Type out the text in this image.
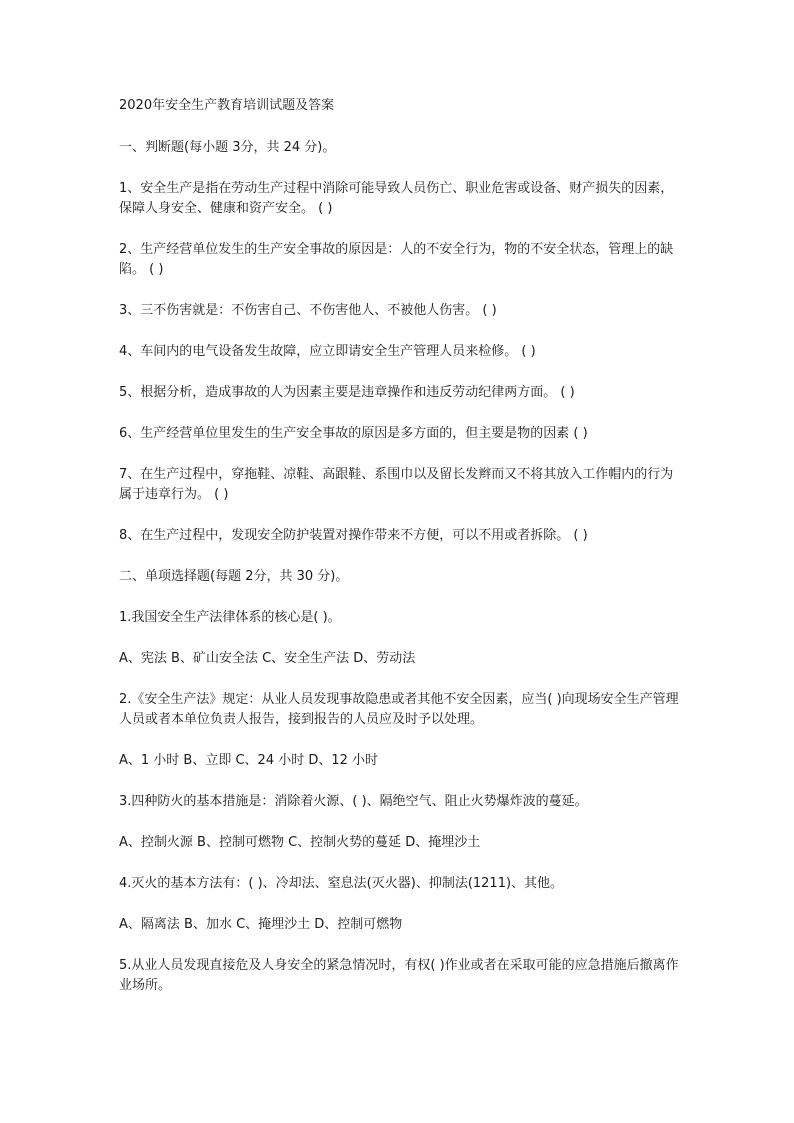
2020年安全生产教育培训试题及答案

一、判断题(每小题 3分，共 24 分)。

1、安全生产是指在劳动生产过程中消除可能导致人员伤亡、职业危害或设备、财产损失的因素，保障人身安全、健康和资产安全。 ( )

2、生产经营单位发生的生产安全事故的原因是：人的不安全行为，物的不安全状态，管理上的缺陷。 ( )

3、三不伤害就是：不伤害自己、不伤害他人、不被他人伤害。 ( )

4、车间内的电气设备发生故障，应立即请安全生产管理人员来检修。 ( )

5、根据分析，造成事故的人为因素主要是违章操作和违反劳动纪律两方面。 ( )

6、生产经营单位里发生的生产安全事故的原因是多方面的，但主要是物的因素 ( )

7、在生产过程中，穿拖鞋、凉鞋、高跟鞋、系围巾以及留长发辫而又不将其放入工作帽内的行为属于违章行为。 ( )

8、在生产过程中，发现安全防护装置对操作带来不方便，可以不用或者拆除。 ( )

二、单项选择题(每题 2分，共 30 分)。

1.我国安全生产法律体系的核心是( )。

A、宪法 B、矿山安全法 C、安全生产法 D、劳动法

2.《安全生产法》规定：从业人员发现事故隐患或者其他不安全因素，应当( )向现场安全生产管理人员或者本单位负责人报告，接到报告的人员应及时予以处理。

A、1 小时 B、立即 C、24 小时 D、12 小时

3.四种防火的基本措施是：消除着火源、( )、隔绝空气、阻止火势爆炸波的蔓延。

A、控制火源 B、控制可燃物 C、控制火势的蔓延 D、掩埋沙土

4.灭火的基本方法有：( )、冷却法、窒息法(灭火器)、抑制法(1211)、其他。

A、隔离法 B、加水 C、掩埋沙土 D、控制可燃物

5.从业人员发现直接危及人身安全的紧急情况时，有权( )作业或者在采取可能的应急措施后撤离作业场所。
